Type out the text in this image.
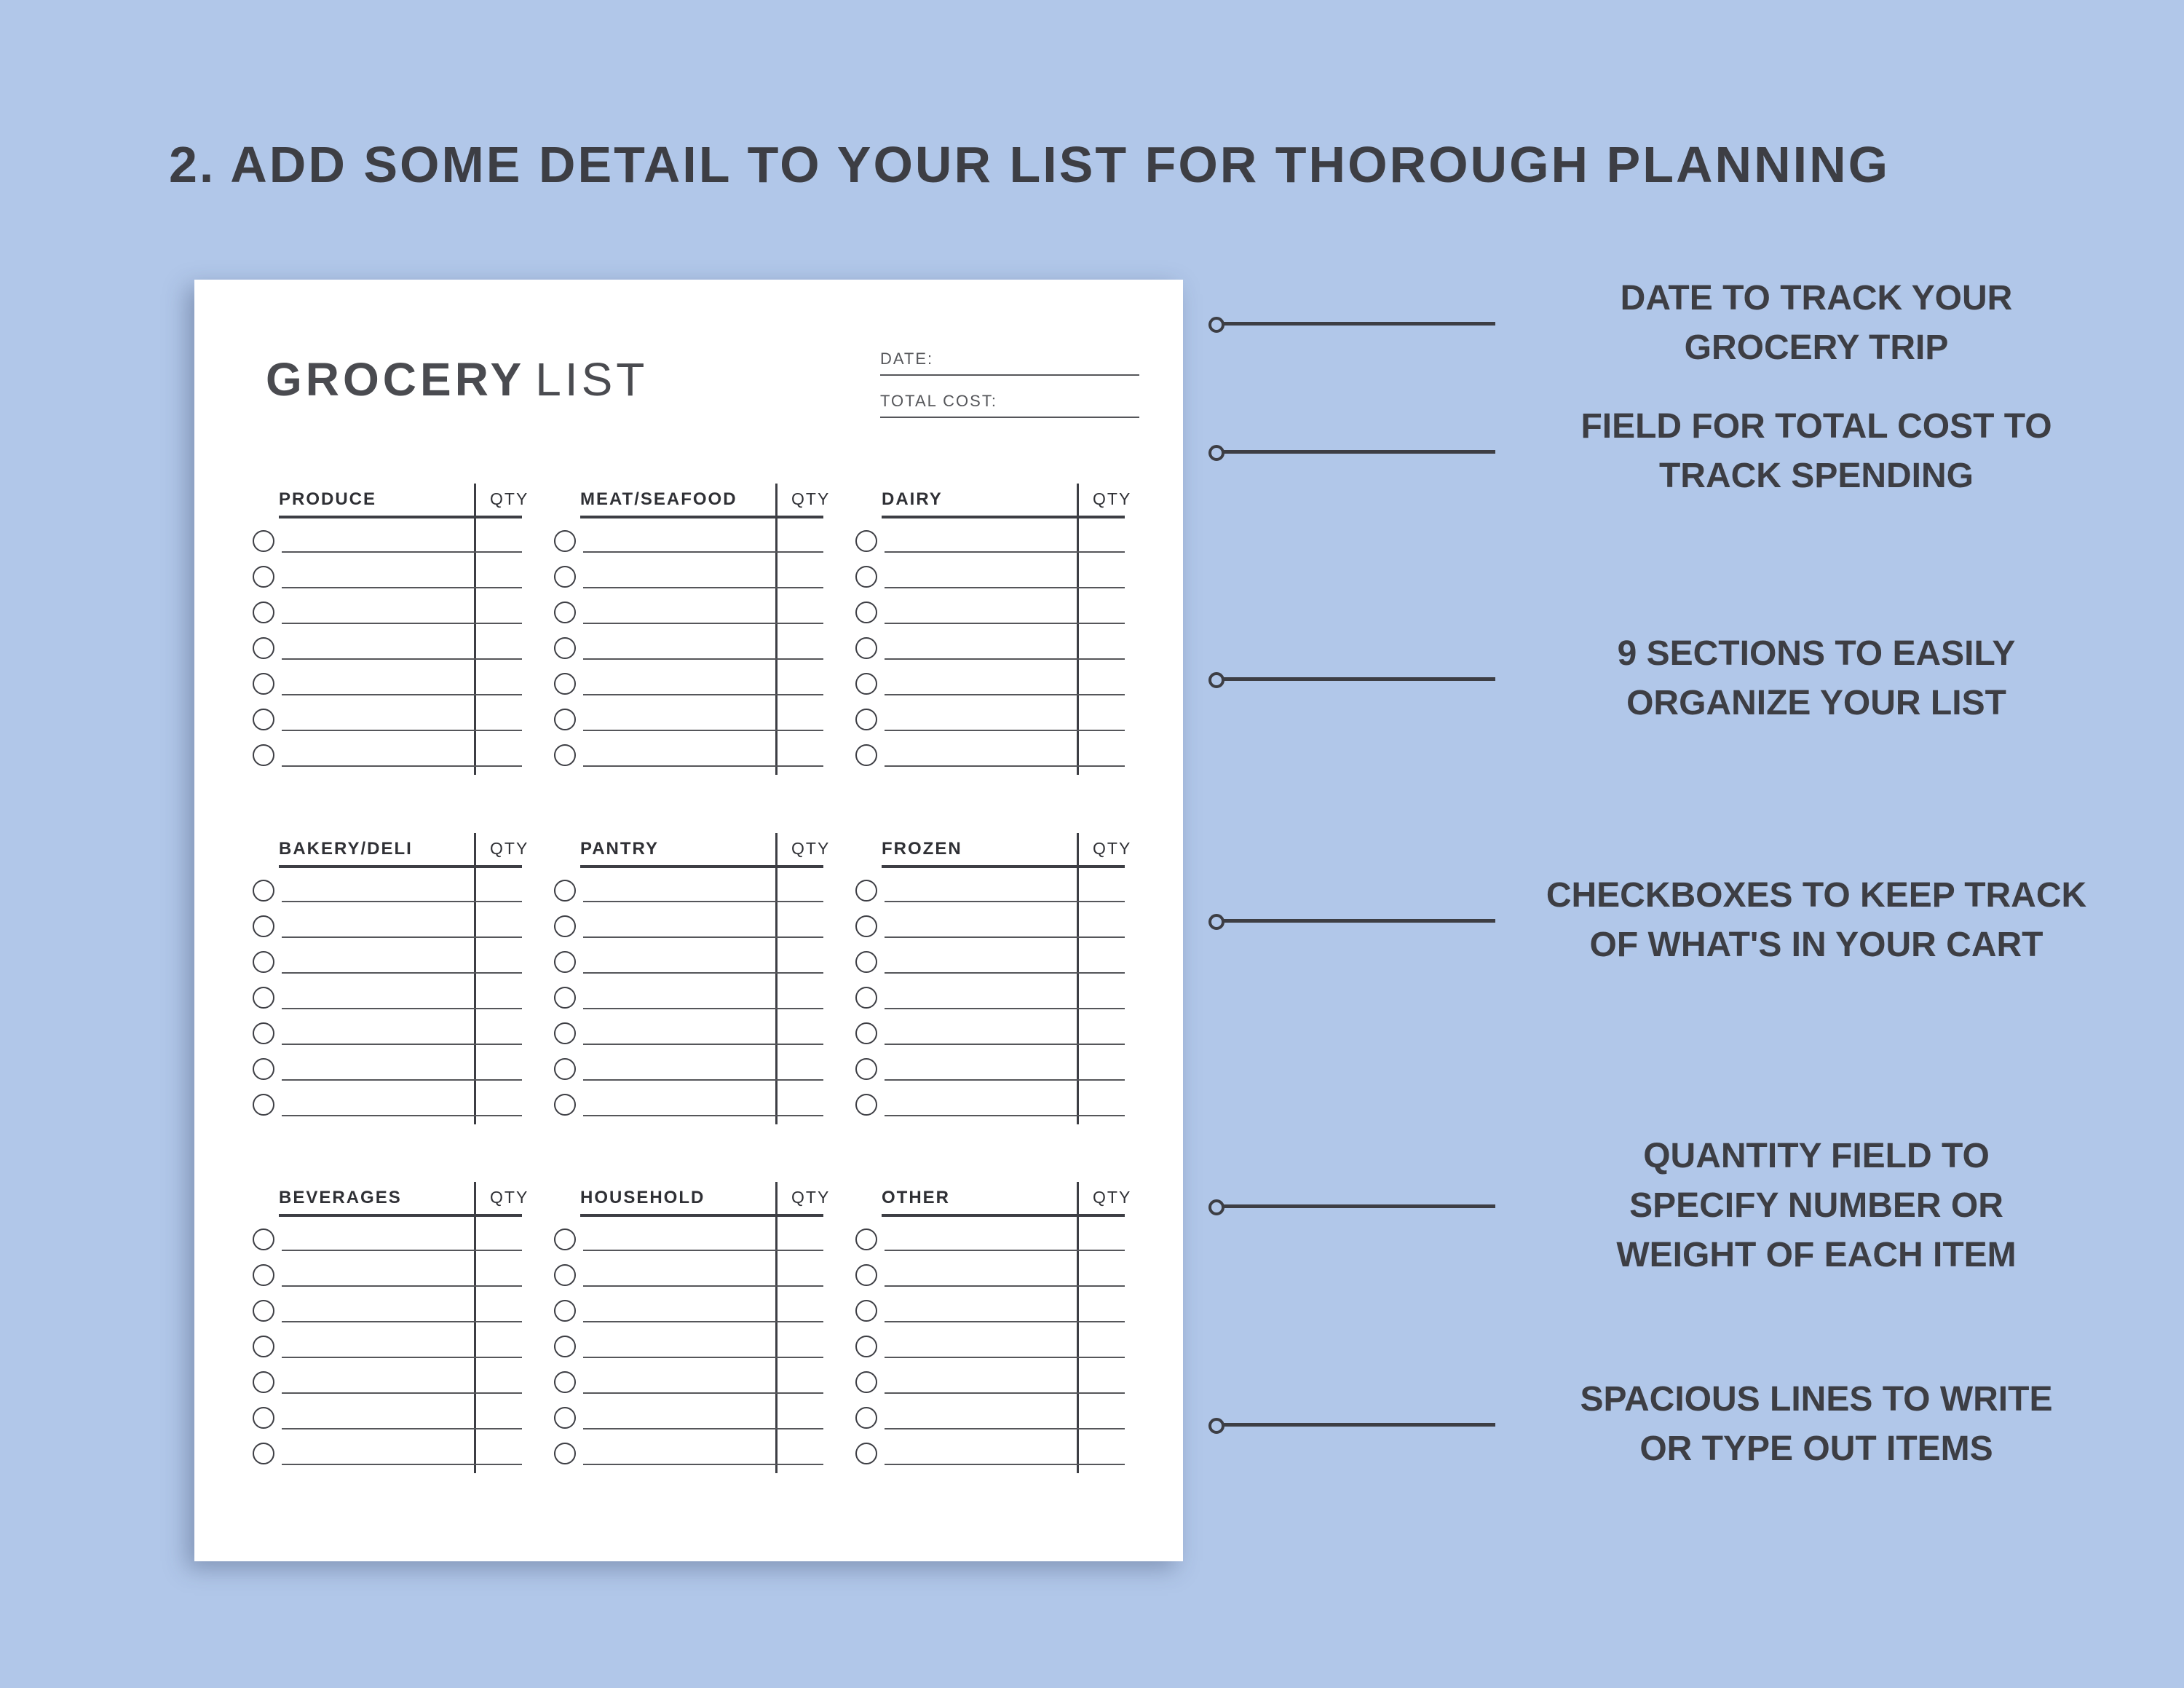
2. ADD SOME DETAIL TO YOUR LIST FOR THOROUGH PLANNING
GROCERY LIST	DATE:
TOTAL COST:
PRODUCE	QTY	MEAT/SEAFOOD	QTY	DAIRY	QTY
BAKERY/DELI	QTY	PANTRY	QTY	FROZEN	QTY
BEVERAGES	QTY	HOUSEHOLD	QTY	OTHER	QTY

DATE TO TRACK YOUR
GROCERY TRIP

FIELD FOR TOTAL COST TO
TRACK SPENDING

9 SECTIONS TO EASILY
ORGANIZE YOUR LIST

CHECKBOXES TO KEEP TRACK
OF WHAT'S IN YOUR CART

QUANTITY FIELD TO
SPECIFY NUMBER OR
WEIGHT OF EACH ITEM

SPACIOUS LINES TO WRITE
OR TYPE OUT ITEMS
